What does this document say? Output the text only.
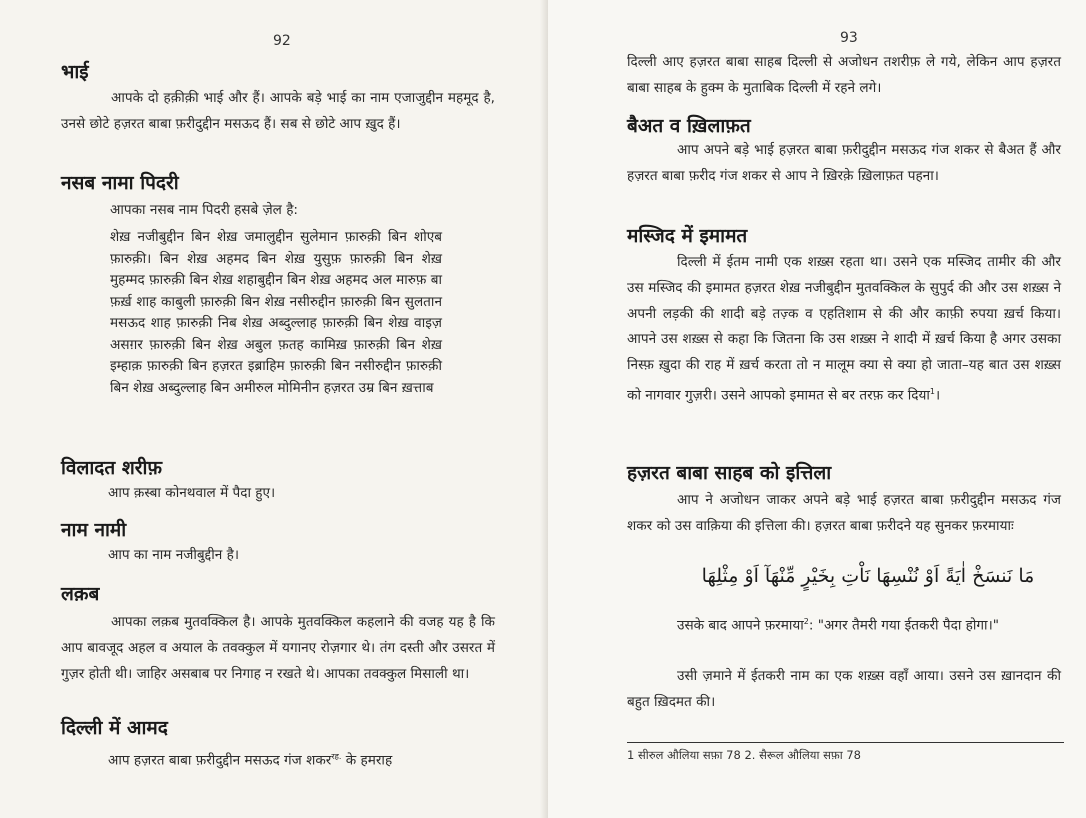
92
भाई

आपके दो हक़ीक़ी भाई और हैं। आपके बड़े भाई का नाम एजाजुद्दीन महमूद है, उनसे छोटे हज़रत बाबा फ़रीदुद्दीन मसऊद हैं। सब से छोटे आप ख़ुद हैं।

नसब नामा पिदरी

आपका नसब नाम पिदरी हसबे ज़ेल है:

शेख़ नजीबुद्दीन बिन शेख़ जमालुद्दीन सुलेमान फ़ारुक़ी बिन शोएब फ़ारुक़ी। बिन शेख़ अहमद बिन शेख़ युसुफ़ फ़ारुक़ी बिन शेख़ मुहम्मद फ़ारुक़ी बिन शेख़ शहाबुद्दीन बिन शेख़ अहमद अल मारुफ़ बा फ़र्ख़ शाह काबुली फ़ारुक़ी बिन शेख़ नसीरुद्दीन फ़ारुक़ी बिन सुलतान मसऊद शाह फ़ारुक़ी निब शेख़ अब्दुल्लाह फ़ारुक़ी बिन शेख़ वाइज़ असग़र फ़ारुक़ी बिन शेख़ अबुल फ़तह कामिख़ फ़ारुक़ी बिन शेख़ इम्हाक़ फ़ारुक़ी बिन हज़रत इब्राहिम फ़ारुक़ी बिन नसीरुद्दीन फ़ारुक़ी बिन शेख़ अब्दुल्लाह बिन अमीरुल मोमिनीन हज़रत उम्र बिन ख़त्ताब

विलादत शरीफ़

आप क़स्बा कोनथवाल में पैदा हुए।

नाम नामी

आप का नाम नजीबुद्दीन है।

लक़ब

आपका लक़ब मुतवक्किल है। आपके मुतवक्किल कहलाने की वजह यह है कि आप बावजूद अहल व अयाल के तवक्कुल में यगानए रोज़गार थे। तंग दस्ती और उसरत में गुज़र होती थी। जाहिर असबाब पर निगाह न रखते थे। आपका तवक्कुल मिसाली था।

दिल्ली में आमद

आप हज़रत बाबा फ़रीदुद्दीन मसऊद गंज शकर$^{रह.}$ के हमराह

93

दिल्ली आए हज़रत बाबा साहब दिल्ली से अजोधन तशरीफ़ ले गये, लेकिन आप हज़रत बाबा साहब के हुक्म के मुताबिक दिल्ली में रहने लगे।

बैअत व ख़िलाफ़त

आप अपने बड़े भाई हज़रत बाबा फ़रीदुद्दीन मसऊद गंज शकर से बैअत हैं और हज़रत बाबा फ़रीद गंज शकर से आप ने ख़िरक़े ख़िलाफ़त पहना।

मस्जिद में इमामत

दिल्ली में ईतम नामी एक शख़्स रहता था। उसने एक मस्जिद तामीर की और उस मस्जिद की इमामत हज़रत शेख़ नजीबुद्दीन मुतवक्किल के सुपुर्द की और उस शख़्स ने अपनी लड़की की शादी बड़े तज़्क व एहतिशाम से की और काफ़ी रुपया ख़र्च किया। आपने उस शख़्स से कहा कि जितना कि उस शख़्स ने शादी में ख़र्च किया है अगर उसका निस्फ़ ख़ुदा की राह में ख़र्च करता तो न मालूम क्या से क्या हो जाता–यह बात उस शख़्स को नागवार गुज़री। उसने आपको इमामत से बर तरफ़ कर दिया$^1$।

हज़रत बाबा साहब को इत्तिला

आप ने अजोधन जाकर अपने बड़े भाई हज़रत बाबा फ़रीदुद्दीन मसऊद गंज शकर को उस वाक़िया की इत्तिला की। हज़रत बाबा फ़रीदने यह सुनकर फ़रमायाः

مَا نَنسَخْ اٰيَةً اَوْ نُنْسِهَا نَاْتِ بِخَيْرٍ مِّنْهَآ اَوْ مِثْلِهَا

उसके बाद आपने फ़रमाया$^2$: "अगर तैमरी गया ईतकरी पैदा होगा।"

उसी ज़माने में ईतकरी नाम का एक शख़्स वहाँ आया। उसने उस ख़ानदान की बहुत ख़िदमत की।

1 सीरुल औलिया सफ़ा 78 2. सैरूल औलिया सफ़ा 78
